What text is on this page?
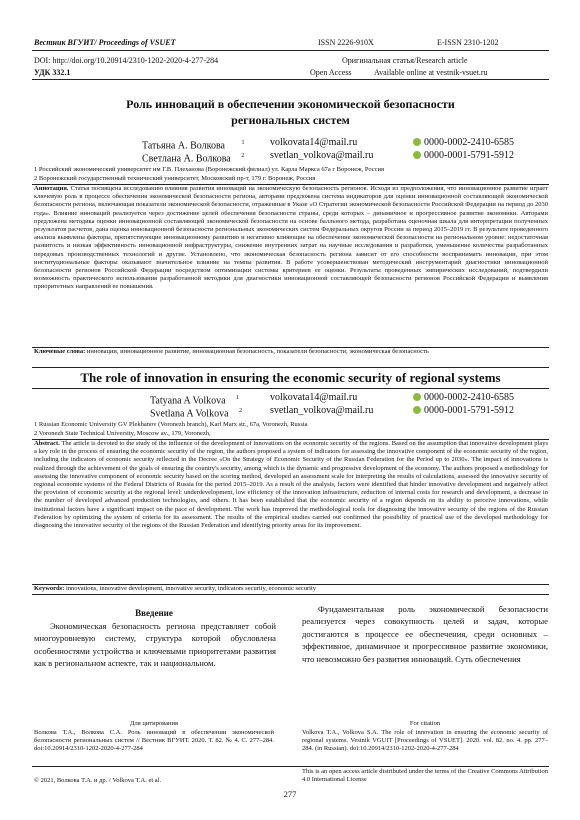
Вестник ВГУИТ/ Proceedings of VSUET	ISSN 2226-910X	E-ISSN 2310-1202
DOI: http://doi.org/10.20914/2310-1202-2020-4-277-284	Оригинальная статья/Research article
УДК 332.1	Open Access	Available online at vestnik-vsuet.ru
Роль инноваций в обеспечении экономической безопасности
региональных систем
Татьяна А. Волкова	$^1$	volkovata14@mail.ru	0000-0002-2410-6585
Светлана А. Волкова $^2$	svetlan_volkova@mail.ru	0000-0001-5791-5912
1 Российский экономический университет им Г.В. Плеханова (Воронежский филиал) ул. Карла Маркса 67а г Воронеж, Россия
2 Воронежский государственный технический университет, Московский пр-т, 179 г. Воронеж, Россия
Аннотация. Статья посвящена исследованию влияния развития инноваций на экономическую безопасность регионов. Исходя из предположения, что инновационное развитие играет ключевую роль в процессе обеспечения экономической безопасности региона, авторами предложена система индикаторов для оценки инновационной составляющей экономической безопасности региона, включающая показатели экономической безопасности, отраженные в Указе «О Стратегии экономической безопасности Российской Федерации на период до 2030 года». Влияние инноваций реализуется через достижение целей обеспечения безопасности страны, среди которых – динамичное и прогрессивное развитие экономики. Авторами предложена методика оценки инновационной составляющей экономической безопасности на основе балльного метода, разработана оценочная шкала для интерпретации полученных результатов расчетов, дана оценка инновационной безопасности региональных экономических систем Федеральных округов России за период 2015–2019 гг. В результате проведенного анализа выявлены факторы, препятствующие инновационному развитию и негативно влияющие на обеспечение экономической безопасности на региональном уровне: недостаточная развитость и низкая эффективность инновационной инфраструктуры, снижение внутренних затрат на научные исследования и разработки, уменьшение количества разработанных передовых производственных технологий и другие. Установлено, что экономическая безопасность региона зависит от его способности восприниматъ инновации, при этом институциональные факторы оказывают значительное влияние на темпы развития. В работе усовершенствован методический инструментарий диагностики инновационной безопасности регионов Российской Федерации посредством оптимизации системы критериев ее оценки. Результаты проведенных эмпирических исследований, подтвердили возможность практического использования разработанной методики для диагностики инновационной составляющей безопасности регионов Российской Федерации и выявления приоритетных направлений ее повышения.
Ключевые слова: инновации, инновационное развитие, инновационная безопасность, показатели безопасности, экономическая безопасность
The role of innovation in ensuring the economic security of regional systems
Tatyana A Volkova $^1$	volkovata14@mail.ru	0000-0002-2410-6585
Svetlana A Volkova $^2$	svetlan_volkova@mail.ru	0000-0001-5791-5912
1 Russian Economic University GV Plekhanov (Voronezh branch), Karl Marx str., 67a, Voronezh, Russia
2 Voronezh State Technical University, Moscow av., 179, Voronezh,
Abstract. The article is devoted to the study of the influence of the development of innovations on the economic security of the regions. Based on the assumption that innovative development plays a key role in the process of ensuring the economic security of the region, the authors proposed a system of indicators for assessing the innovative component of the economic security of the region, including the indicators of economic security reflected in the Decree «On the Strategy of Economic Security of the Russian Federation for the Period up to 2030». The impact of innovations is realized through the achievement of the goals of ensuring the country's security, among which is the dynamic and progressive development of the economy. The authors proposed a methodology for assessing the innovative component of economic security based on the scoring method, developed an assessment scale for interpreting the results of calculations, assessed the innovative security of regional economic systems of the Federal Districts of Russia for the period 2015–2019. As a result of the analysis, factors were identified that hinder innovative development and negatively affect the provision of economic security at the regional level: underdevelopment, low efficiency of the innovation infrastructure, reduction of internal costs for research and development, a decrease in the number of developed advanced production technologies, and others. It has been established that the economic security of a region depends on its ability to perceive innovations, while institutional factors have a significant impact on the pace of development. The work has improved the methodological tools for diagnosing the innovative security of the regions of the Russian Federation by optimizing the system of criteria for its assessment. The results of the empirical studies carried out confirmed the possibility of practical use of the developed methodology for diagnosing the innovative security of the regions of the Russian Federation and identifying priority areas for its improvement.
Keywords: innovations, innovative development, innovative security, indicators security, economic security
Введение
Экономическая безопасность региона представляет собой многоуровневую систему, структура которой обусловлена особенностями устройства и ключевыми приоритетами развития как в региональном аспекте, так и национальном.
Фундаментальная роль экономической безопасности реализуется через совокупность целей и задач, которые достигаются в процессе ее обеспечения, среди основных – эффективное, динамичное и прогрессивное развитие экономики, что невозможно без развития инноваций. Суть обеспечения
Для цитирования
Волкова Т.А., Волкова С.А. Роль инноваций в обеспечении экономической безопасности региональных систем // Вестник ВГУИТ. 2020. Т. 82. № 4. С. 277–284. doi:10.20914/2310-1202-2020-4-277-284
For citation
Volkova T.A., Volkova S.A. The role of innovation in ensuring the economic security of regional systems. Vestnik VGUIT [Proceedings of VSUET]. 2020. vol. 82. no. 4. pp. 277–284. (in Russian). doi:10.20914/2310-1202-2020-4-277-284
© 2021, Волкова Т.А. и др. / Volkova T.A. et al.
This is an open access article distributed under the terms of the Creative Commons Attribution 4.0 International License
277
